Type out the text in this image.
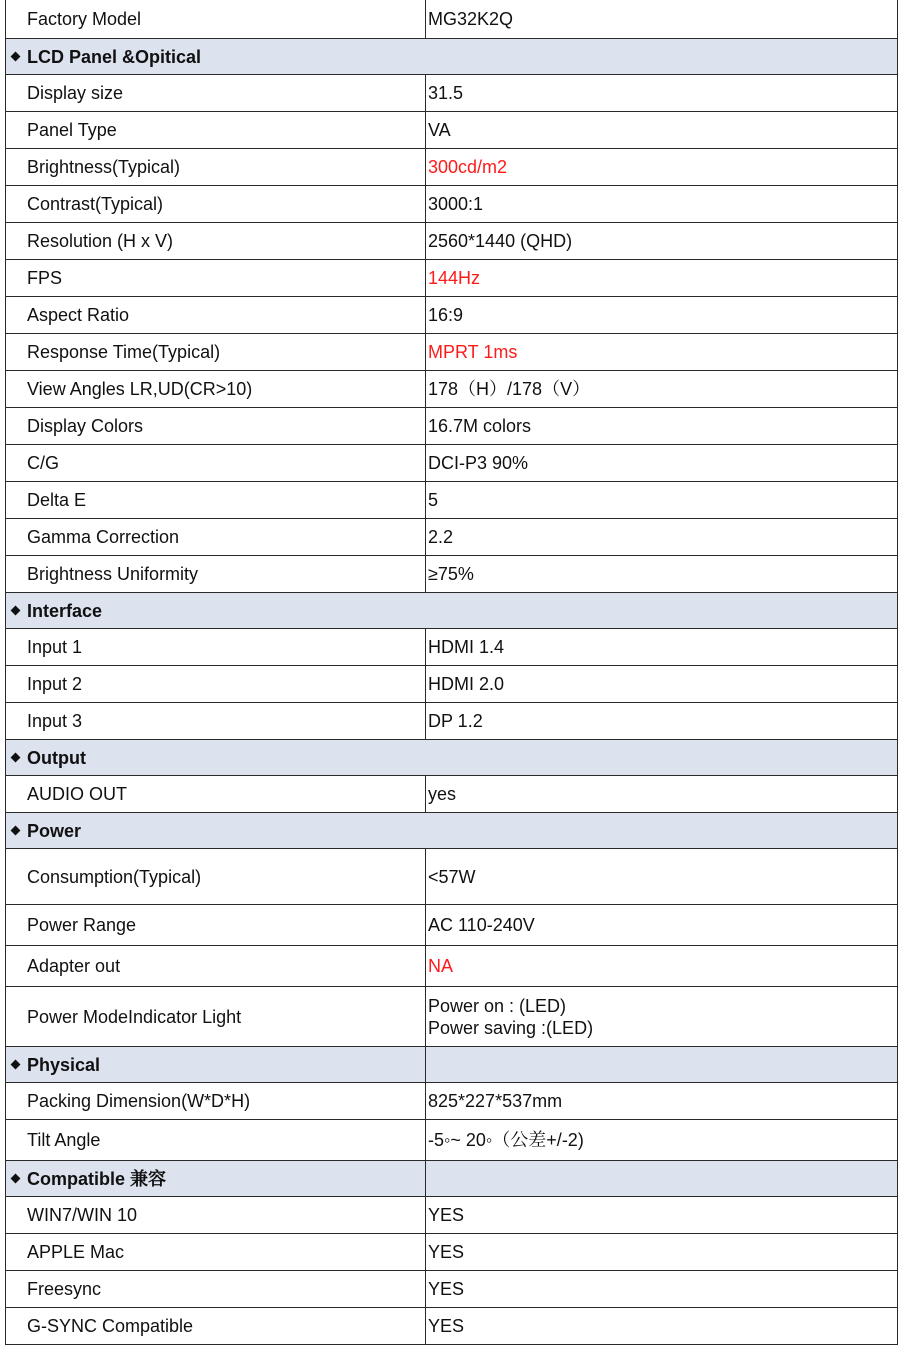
Factory Model	MG32K2Q
LCD Panel &Opitical	
Display size	31.5
Panel Type	VA
Brightness(Typical)	300cd/m2
Contrast(Typical)	3000:1
Resolution (H x V)	2560*1440 (QHD)
FPS	144Hz
Aspect Ratio	16:9
Response Time(Typical)	MPRT 1ms
View Angles LR,UD(CR>10)	178（H）/178（V）
Display Colors	16.7M colors
C/G	DCI-P3 90%
Delta E	5
Gamma Correction	2.2
Brightness Uniformity	≥75%
Interface	
Input 1	HDMI 1.4
Input 2	HDMI 2.0
Input 3	DP 1.2
Output	
AUDIO OUT	yes
Power	
Consumption(Typical)	<57W
Power Range	AC 110-240V
Adapter out	NA
Power ModeIndicator Light	Power on : (LED)
Power saving :(LED)

Physical	
Packing Dimension(W*D*H)	825*227*537mm
Tilt Angle	-5◦~ 20◦（公差+/-2)
Compatible 兼容	
WIN7/WIN 10	YES
APPLE Mac	YES
Freesync	YES
G-SYNC Compatible	YES
